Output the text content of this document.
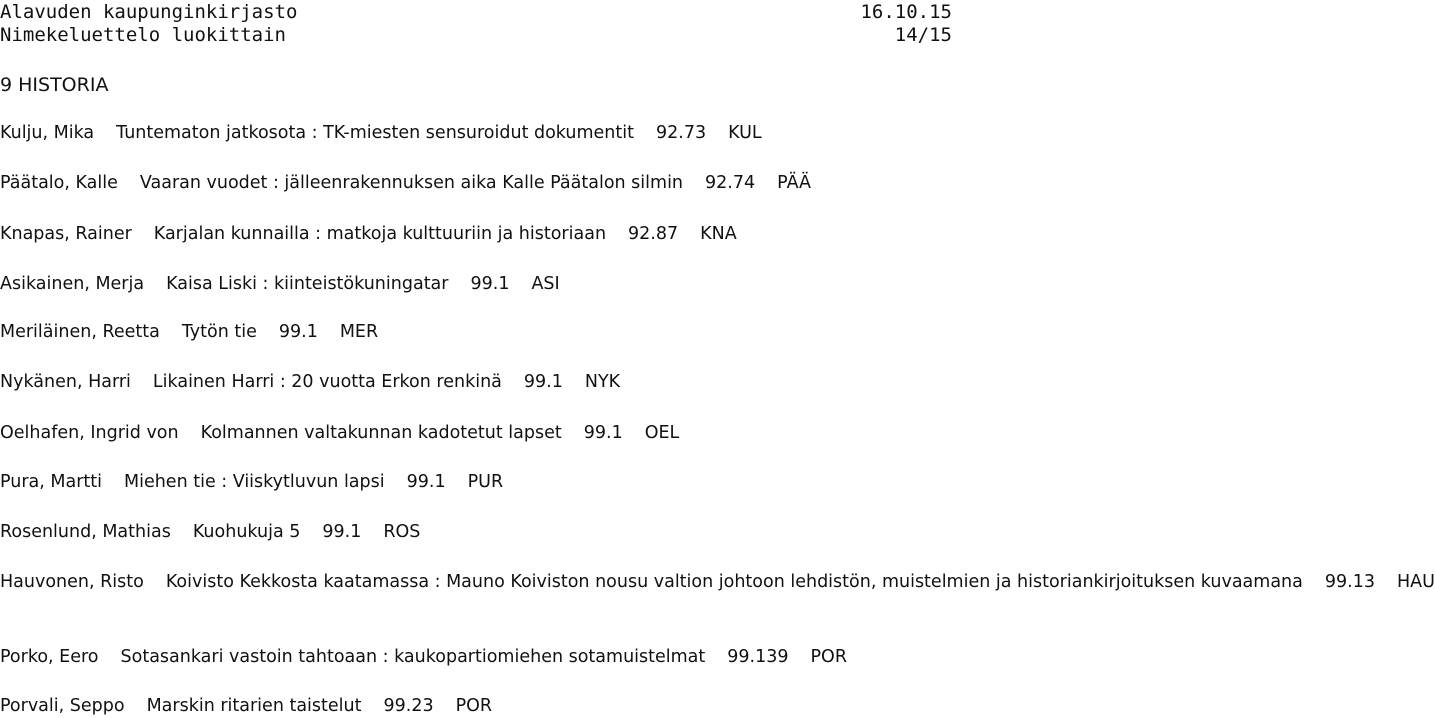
Alavuden kaupunginkirjasto	16.10.15
Nimekeluettelo luokittain	14/15
9 HISTORIA
Kulju, Mika Tuntematon jatkosota : TK-miesten sensuroidut dokumentit 92.73 KUL
Päätalo, Kalle Vaaran vuodet : jälleenrakennuksen aika Kalle Päätalon silmin 92.74 PÄÄ
Knapas, Rainer Karjalan kunnailla : matkoja kulttuuriin ja historiaan 92.87 KNA
Asikainen, Merja Kaisa Liski : kiinteistökuningatar 99.1 ASI
Meriläinen, Reetta Tytön tie 99.1 MER
Nykänen, Harri Likainen Harri : 20 vuotta Erkon renkinä 99.1 NYK
Oelhafen, Ingrid von Kolmannen valtakunnan kadotetut lapset 99.1 OEL
Pura, Martti Miehen tie : Viiskytluvun lapsi 99.1 PUR
Rosenlund, Mathias Kuohukuja 5 99.1 ROS
Hauvonen, Risto Koivisto Kekkosta kaatamassa : Mauno Koiviston nousu valtion johtoon lehdistön, muistelmien ja historiankirjoituksen kuvaamana 99.13 HAU
Porko, Eero Sotasankari vastoin tahtoaan : kaukopartiomiehen sotamuistelmat 99.139 POR
Porvali, Seppo Marskin ritarien taistelut 99.23 POR
